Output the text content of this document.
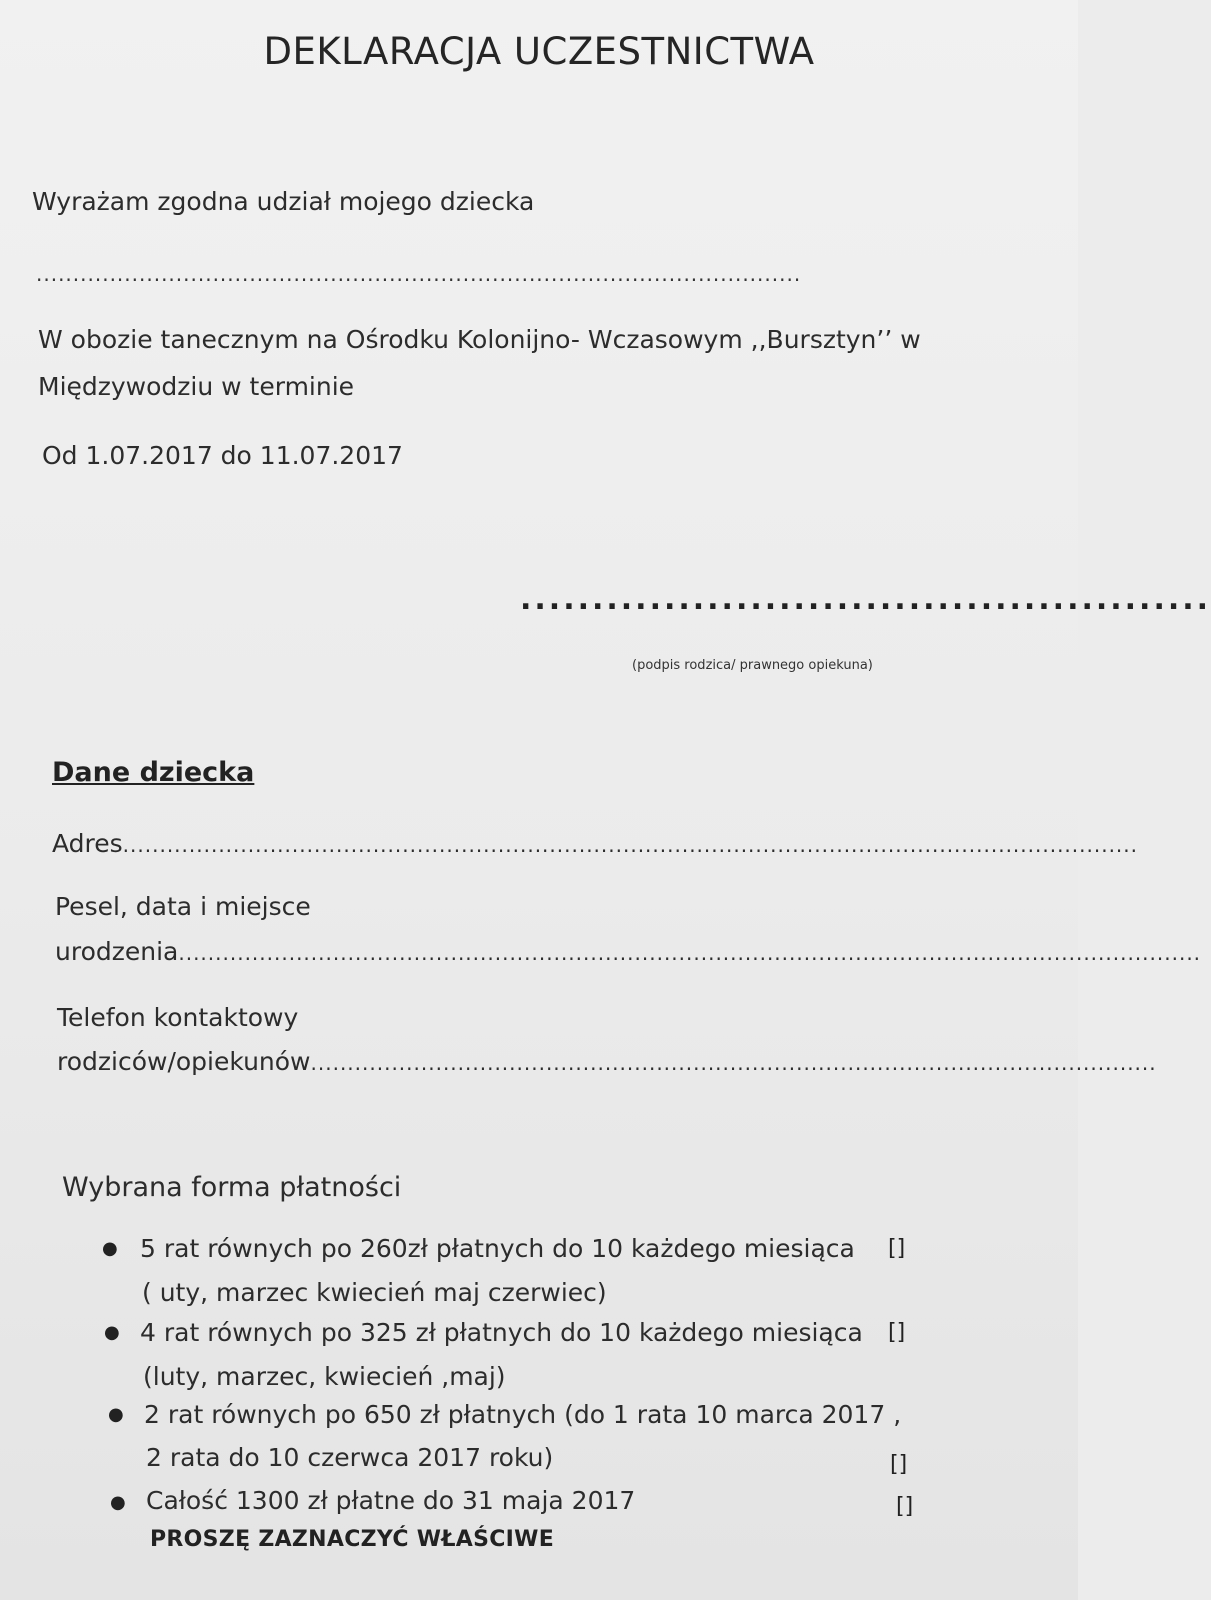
DEKLARACJA UCZESTNICTWA
Wyrażam zgodna udział mojego dziecka
........................................................................................................
W obozie tanecznym na Ośrodku Kolonijno- Wczasowym ,,Bursztyn’’ w
Międzywodziu w terminie
Od 1.07.2017 do 11.07.2017
................................................
(podpis rodzica/ prawnego opiekuna)
Dane dziecka
Adres..........................................................................................................................................
Pesel, data i miejsce
urodzenia...........................................................................................................................................
Telefon kontaktowy
rodziców/opiekunów...................................................................................................................
Wybrana forma płatności
● 5 rat równych po 260zł płatnych do 10 każdego miesiąca
( uty, marzec kwiecień maj czerwiec)
[]
● 4 rat równych po 325 zł płatnych do 10 każdego miesiąca
(luty, marzec, kwiecień ,maj)
[]
● 2 rat równych po 650 zł płatnych (do 1 rata 10 marca 2017 ,
2 rata do 10 czerwca 2017 roku)	[]
● Całość 1300 zł płatne do 31 maja 2017	[]
PROSZĘ ZAZNACZYĆ WŁAŚCIWE
